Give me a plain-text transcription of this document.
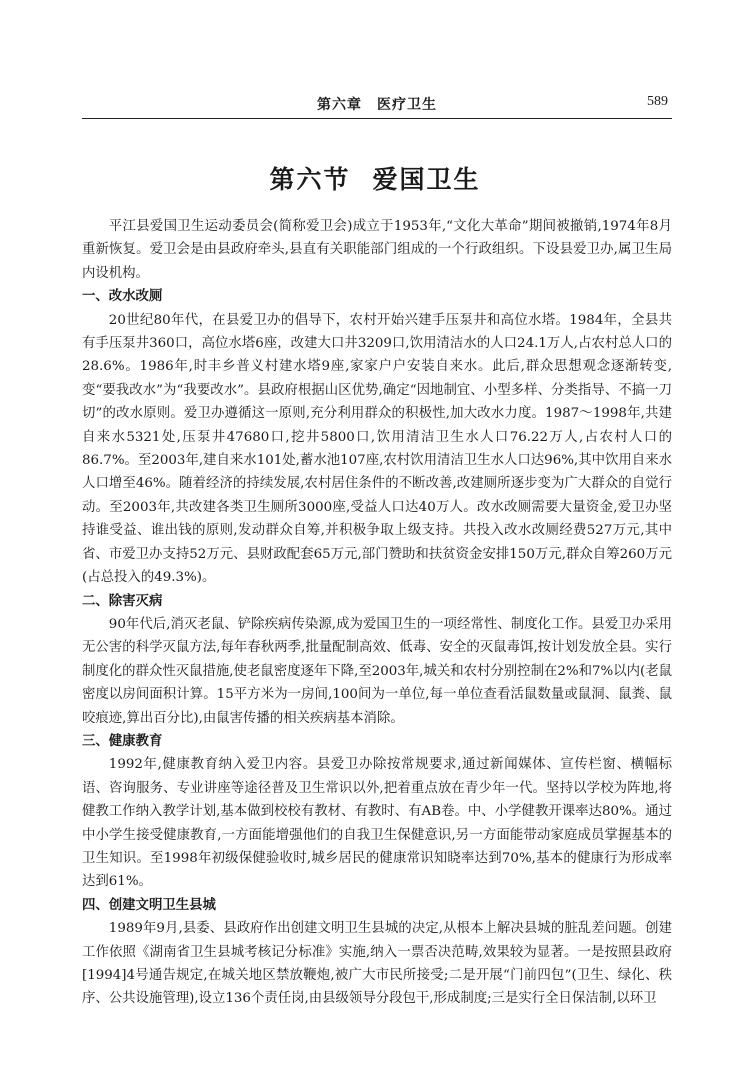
第六章　医疗卫生	589
第六节 爱国卫生

平江县爱国卫生运动委员会(简称爱卫会)成立于1953年,“文化大革命”期间被撤销,1974年8月重新恢复。爱卫会是由县政府牵头,县直有关职能部门组成的一个行政组织。下设县爱卫办,属卫生局内设机构。

一、改水改厕

20世纪80年代，在县爱卫办的倡导下，农村开始兴建手压泵井和高位水塔。1984年，全县共有手压泵井360口，高位水塔6座，改建大口井3209口,饮用清洁水的人口24.1万人,占农村总人口的28.6%。1986年,时丰乡普义村建水塔9座,家家户户安装自来水。此后,群众思想观念逐渐转变,变“要我改水”为“我要改水”。县政府根据山区优势,确定“因地制宜、小型多样、分类指导、不搞一刀切”的改水原则。爱卫办遵循这一原则,充分利用群众的积极性,加大改水力度。1987～1998年,共建自来水5321处,压泵井47680口,挖井5800口,饮用清洁卫生水人口76.22万人,占农村人口的86.7%。至2003年,建自来水101处,蓄水池107座,农村饮用清洁卫生水人口达96%,其中饮用自来水人口增至46%。随着经济的持续发展,农村居住条件的不断改善,改建厕所逐步变为广大群众的自觉行动。至2003年,共改建各类卫生厕所3000座,受益人口达40万人。改水改厕需要大量资金,爱卫办坚持谁受益、谁出钱的原则,发动群众自筹,并积极争取上级支持。共投入改水改厕经费527万元,其中省、市爱卫办支持52万元、县财政配套65万元,部门赞助和扶贫资金安排150万元,群众自筹260万元(占总投入的49.3%)。

二、除害灭病

90年代后,消灭老鼠、铲除疾病传染源,成为爱国卫生的一项经常性、制度化工作。县爱卫办采用无公害的科学灭鼠方法,每年春秋两季,批量配制高效、低毒、安全的灭鼠毒饵,按计划发放全县。实行制度化的群众性灭鼠措施,使老鼠密度逐年下降,至2003年,城关和农村分别控制在2%和7%以内(老鼠密度以房间面积计算。15平方米为一房间,100间为一单位,每一单位查看活鼠数量或鼠洞、鼠粪、鼠咬痕迹,算出百分比),由鼠害传播的相关疾病基本消除。

三、健康教育

1992年,健康教育纳入爱卫内容。县爱卫办除按常规要求,通过新闻媒体、宣传栏窗、横幅标语、咨询服务、专业讲座等途径普及卫生常识以外,把着重点放在青少年一代。坚持以学校为阵地,将健教工作纳入教学计划,基本做到校校有教材、有教时、有AB卷。中、小学健教开课率达80%。通过中小学生接受健康教育,一方面能增强他们的自我卫生保健意识,另一方面能带动家庭成员掌握基本的卫生知识。至1998年初级保健验收时,城乡居民的健康常识知晓率达到70%,基本的健康行为形成率达到61%。

四、创建文明卫生县城

1989年9月,县委、县政府作出创建文明卫生县城的决定,从根本上解决县城的脏乱差问题。创建工作依照《湖南省卫生县城考核记分标准》实施,纳入一票否决范畴,效果较为显著。一是按照县政府[1994]4号通告规定,在城关地区禁放鞭炮,被广大市民所接受;二是开展“门前四包”(卫生、绿化、秩序、公共设施管理),设立136个责任岗,由县级领导分段包干,形成制度;三是实行全日保洁制,以环卫
